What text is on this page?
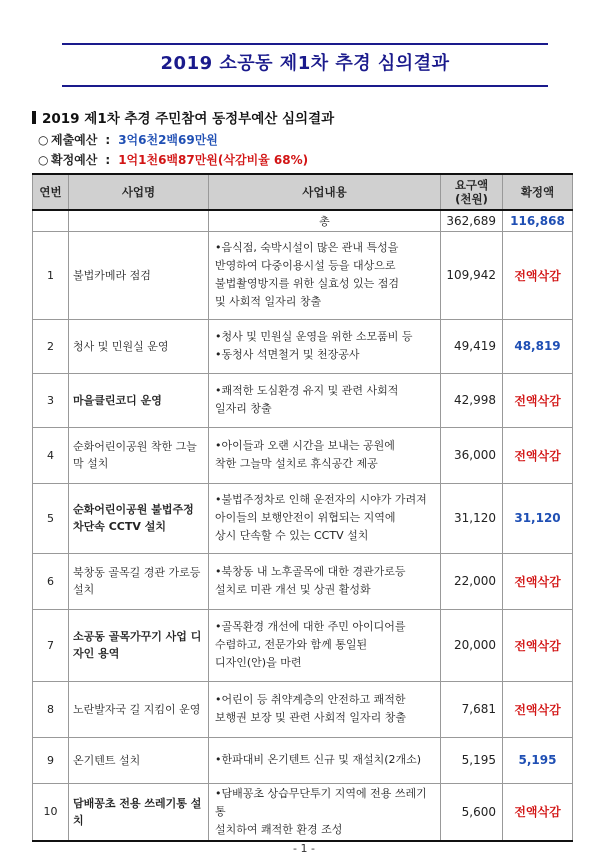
2019 소공동 제1차 추경 심의결과
2019 제1차 추경 주민참여 동정부예산 심의결과
○ 제출예산 : 3억6천2백69만원
○ 확정예산 : 1억1천6백87만원(삭감비율 68%)
연번	사업명	사업내용	요구액 (천원)	확정액
		총	362,689	116,868
1	불법카메라 점검	•음식점, 숙박시설이 많은 관내 특성을
반영하여 다중이용시설 등을 대상으로
불법촬영방지를 위한 실효성 있는 점검
및 사회적 일자리 창출	109,942	전액삭감
2	청사 및 민원실 운영	•청사 및 민원실 운영을 위한 소모품비 등
•동청사 석면철거 및 천장공사	49,419	48,819
3	마을클린코디 운영	•쾌적한 도심환경 유지 및 관련 사회적
일자리 창출	42,998	전액삭감
4	순화어린이공원 착한 그늘막 설치	•아이들과 오랜 시간을 보내는 공원에
착한 그늘막 설치로 휴식공간 제공	36,000	전액삭감
5	순화어린이공원 불법주정차단속 CCTV 설치	•불법주정차로 인해 운전자의 시야가 가려져
아이들의 보행안전이 위협되는 지역에
상시 단속할 수 있는 CCTV 설치	31,120	31,120
6	북창동 골목길 경관 가로등 설치	•북창동 내 노후골목에 대한 경관가로등
설치로 미관 개선 및 상권 활성화	22,000	전액삭감
7	소공동 골목가꾸기 사업 디자인 용역	•골목환경 개선에 대한 주민 아이디어를
수렴하고, 전문가와 함께 통일된
디자인(안)을 마련	20,000	전액삭감
8	노란발자국 길 지킴이 운영	•어린이 등 취약계층의 안전하고 쾌적한
보행권 보장 및 관련 사회적 일자리 창출	7,681	전액삭감
9	온기텐트 설치	•한파대비 온기텐트 신규 및 재설치(2개소)	5,195	5,195
10	담배꽁초 전용 쓰레기통 설치	•담배꽁초 상습무단투기 지역에 전용 쓰레기통
설치하여 쾌적한 환경 조성	5,600	전액삭감
- 1 -
